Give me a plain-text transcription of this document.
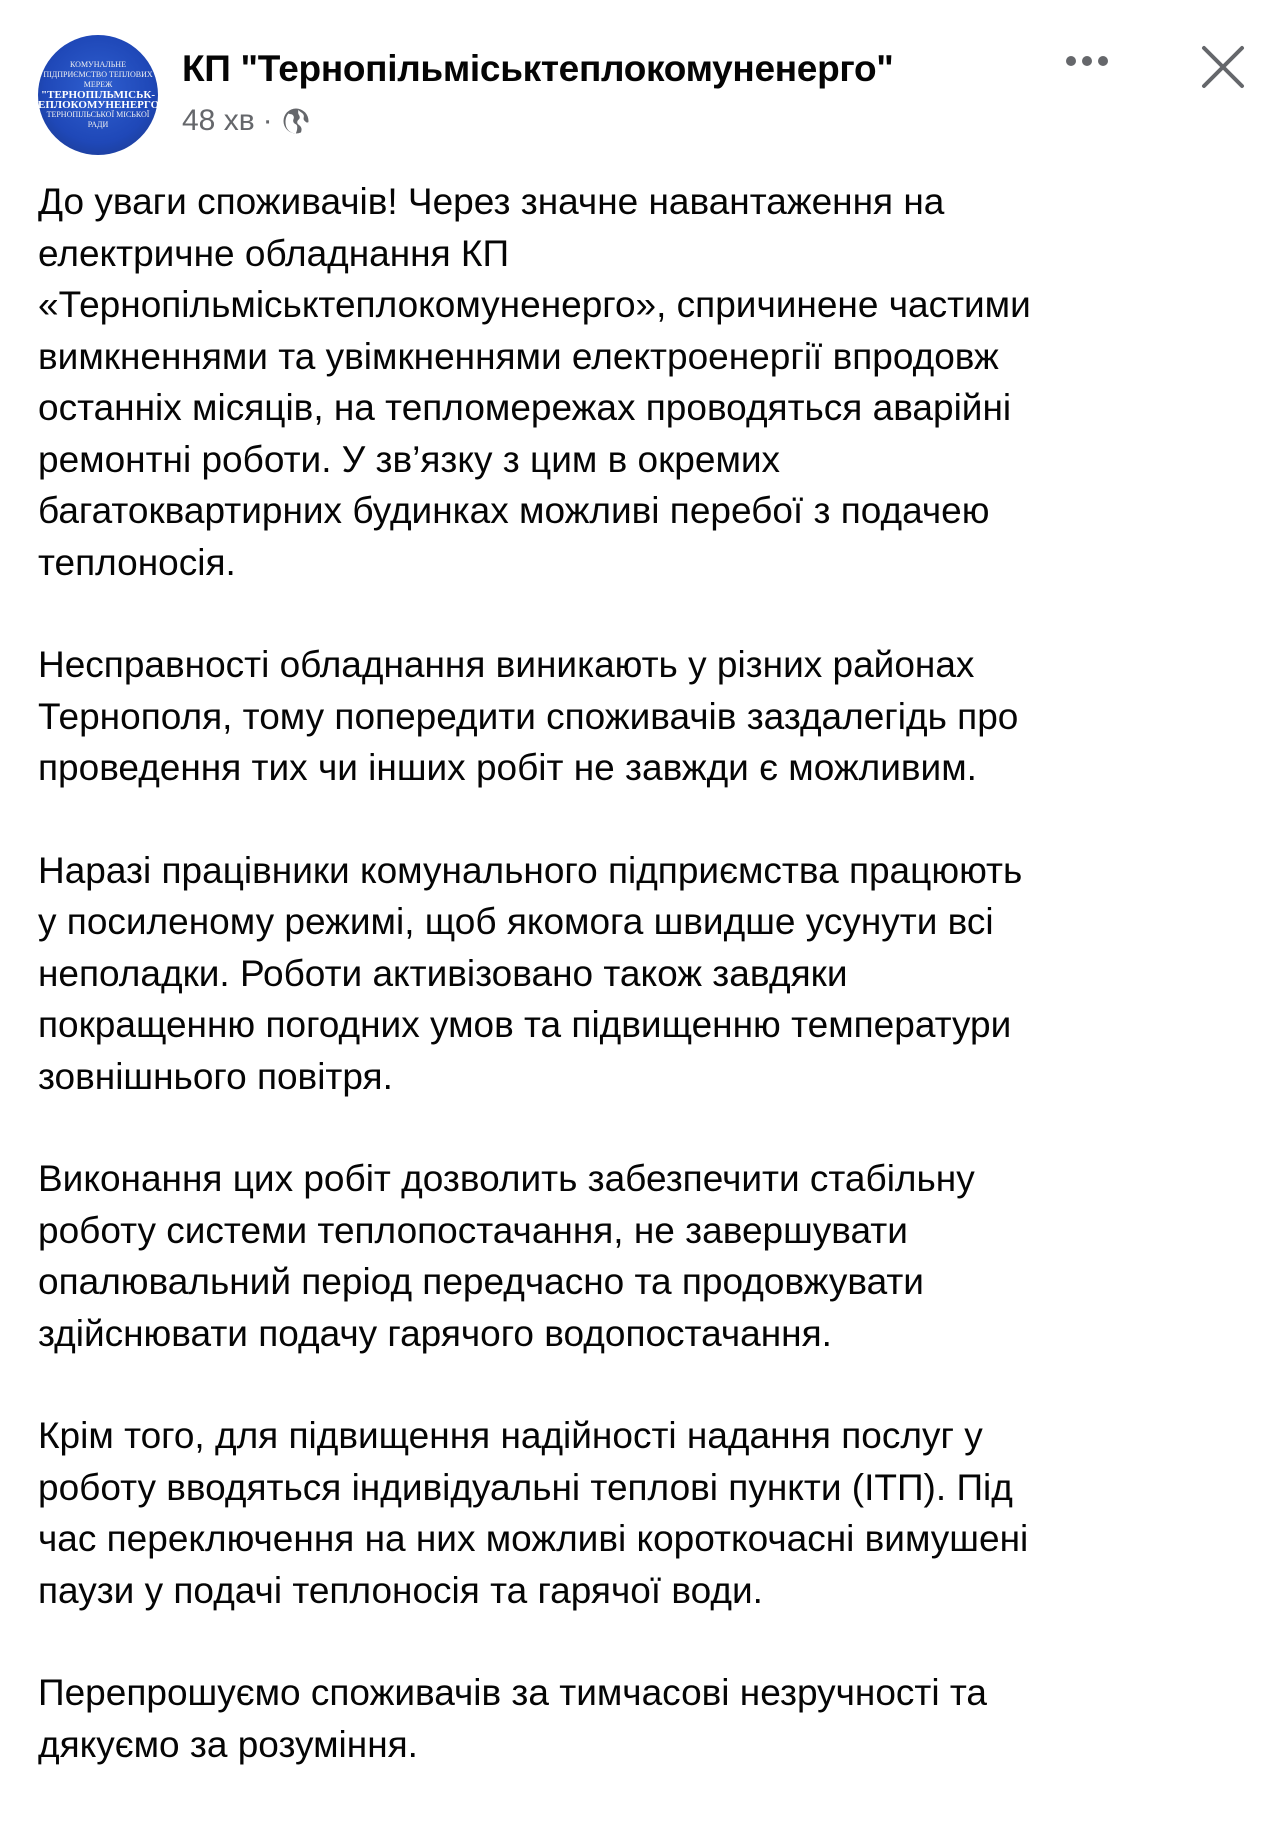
КОМУНАЛЬНЕ
ПІДПРИЄМСТВО ТЕПЛОВИХ
МЕРЕЖ
"ТЕРНОПІЛЬМІСЬК-
ТЕПЛОКОМУНЕНЕРГО"
ТЕРНОПІЛЬСЬКОЇ МІСЬКОЇ
РАДИ
КП "Тернопільміськтеплокомуненерго"
48 хв ·

До уваги споживачів! Через значне навантаження на
електричне обладнання КП
«Тернопільміськтеплокомуненерго», спричинене частими
вимкненнями та увімкненнями електроенергії впродовж
останніх місяців, на тепломережах проводяться аварійні
ремонтні роботи. У зв’язку з цим в окремих
багатоквартирних будинках можливі перебої з подачею
теплоносія.

Несправності обладнання виникають у різних районах
Тернополя, тому попередити споживачів заздалегідь про
проведення тих чи інших робіт не завжди є можливим.

Наразі працівники комунального підприємства працюють
у посиленому режимі, щоб якомога швидше усунути всі
неполадки. Роботи активізовано також завдяки
покращенню погодних умов та підвищенню температури
зовнішнього повітря.

Виконання цих робіт дозволить забезпечити стабільну
роботу системи теплопостачання, не завершувати
опалювальний період передчасно та продовжувати
здійснювати подачу гарячого водопостачання.

Крім того, для підвищення надійності надання послуг у
роботу вводяться індивідуальні теплові пункти (ІТП). Під
час переключення на них можливі короткочасні вимушені
паузи у подачі теплоносія та гарячої води.

Перепрошуємо споживачів за тимчасові незручності та
дякуємо за розуміння.
